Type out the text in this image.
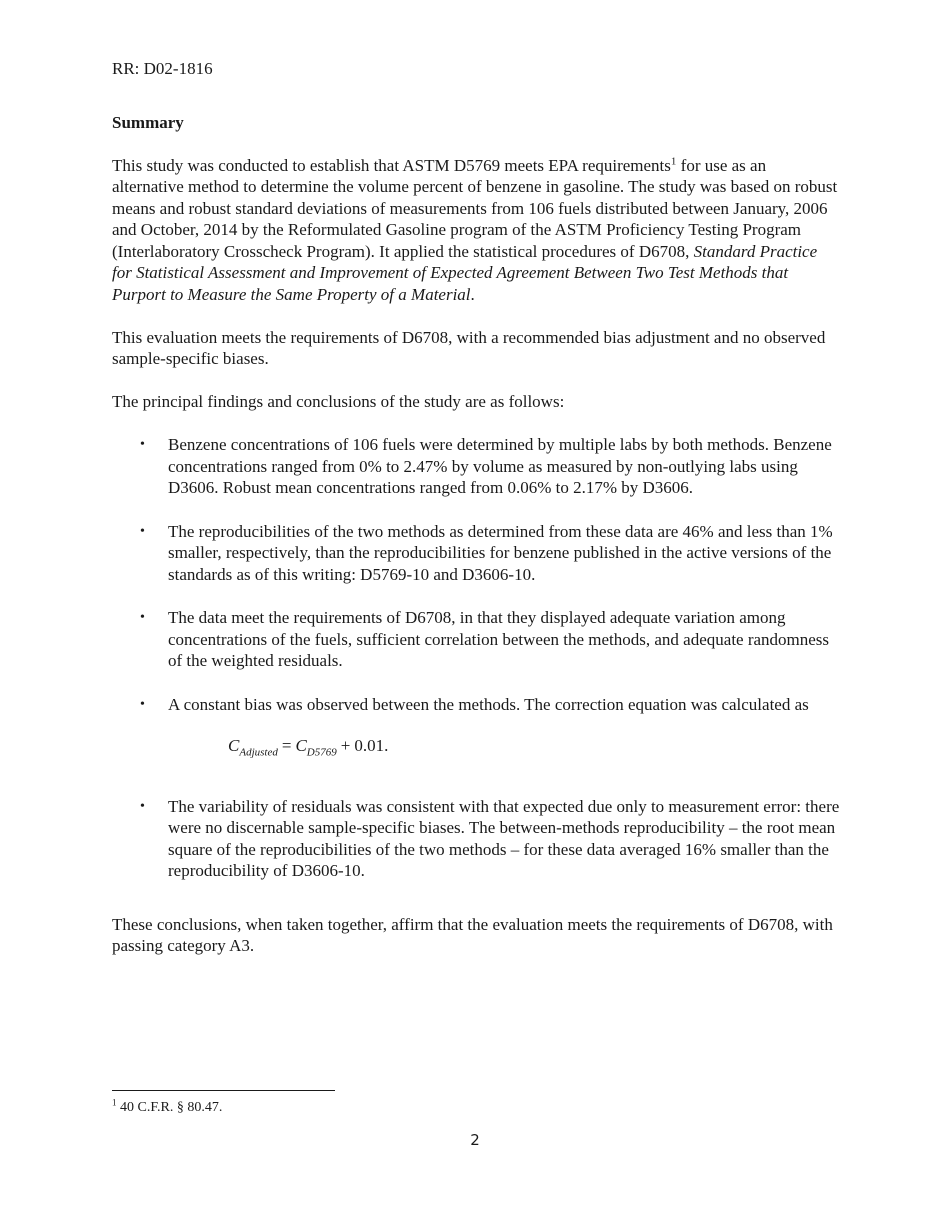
RR: D02-1816

Summary

This study was conducted to establish that ASTM D5769 meets EPA requirements$^1$ for use as an alternative method to determine the volume percent of benzene in gasoline. The study was based on robust means and robust standard deviations of measurements from 106 fuels distributed between January, 2006 and October, 2014 by the Reformulated Gasoline program of the ASTM Proficiency Testing Program (Interlaboratory Crosscheck Program). It applied the statistical procedures of D6708, Standard Practice for Statistical Assessment and Improvement of Expected Agreement Between Two Test Methods that Purport to Measure the Same Property of a Material.

This evaluation meets the requirements of D6708, with a recommended bias adjustment and no observed sample-specific biases.

The principal findings and conclusions of the study are as follows:

• Benzene concentrations of 106 fuels were determined by multiple labs by both methods. Benzene concentrations ranged from 0% to 2.47% by volume as measured by non-outlying labs using D3606. Robust mean concentrations ranged from 0.06% to 2.17% by D3606.
• The reproducibilities of the two methods as determined from these data are 46% and less than 1% smaller, respectively, than the reproducibilities for benzene published in the active versions of the standards as of this writing: D5769-10 and D3606-10.
• The data meet the requirements of D6708, in that they displayed adequate variation among concentrations of the fuels, sufficient correlation between the methods, and adequate randomness of the weighted residuals.
• A constant bias was observed between the methods. The correction equation was calculated as
$C_{Adjusted} = C_{D5769} + 0.01$.
• The variability of residuals was consistent with that expected due only to measurement error: there were no discernable sample-specific biases. The between-methods reproducibility – the root mean square of the reproducibilities of the two methods – for these data averaged 16% smaller than the reproducibility of D3606-10.

These conclusions, when taken together, affirm that the evaluation meets the requirements of D6708, with passing category A3.

$^1$ 40 C.F.R. § 80.47.
2
